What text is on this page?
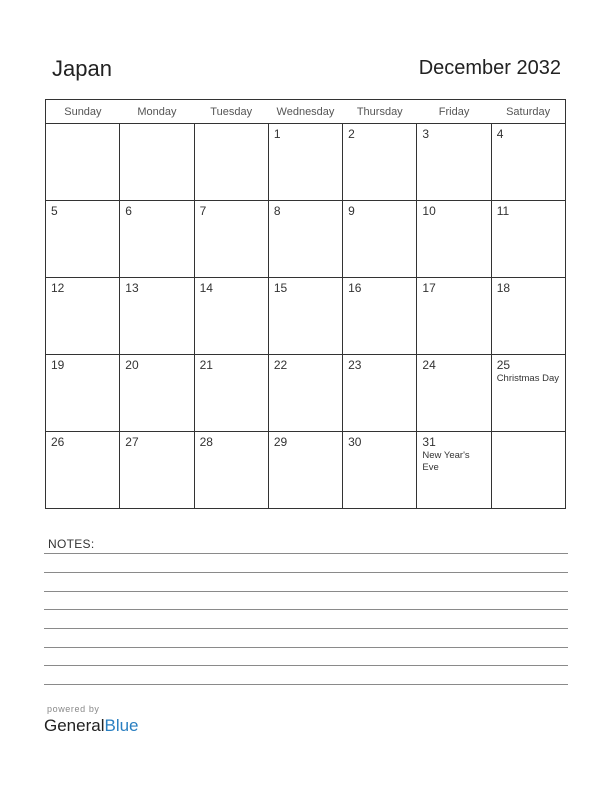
Japan	December 2032
Sunday	Monday	Tuesday	Wednesday	Thursday	Friday	Saturday

			1	2	3	4

5	6	7	8	9	10	11

12	13	14	15	16	17	18

19	20	21	22	23	24	25
Christmas Day

26	27	28	29	30	31
New Year's Eve	

NOTES:
powered by
GeneralBlue
